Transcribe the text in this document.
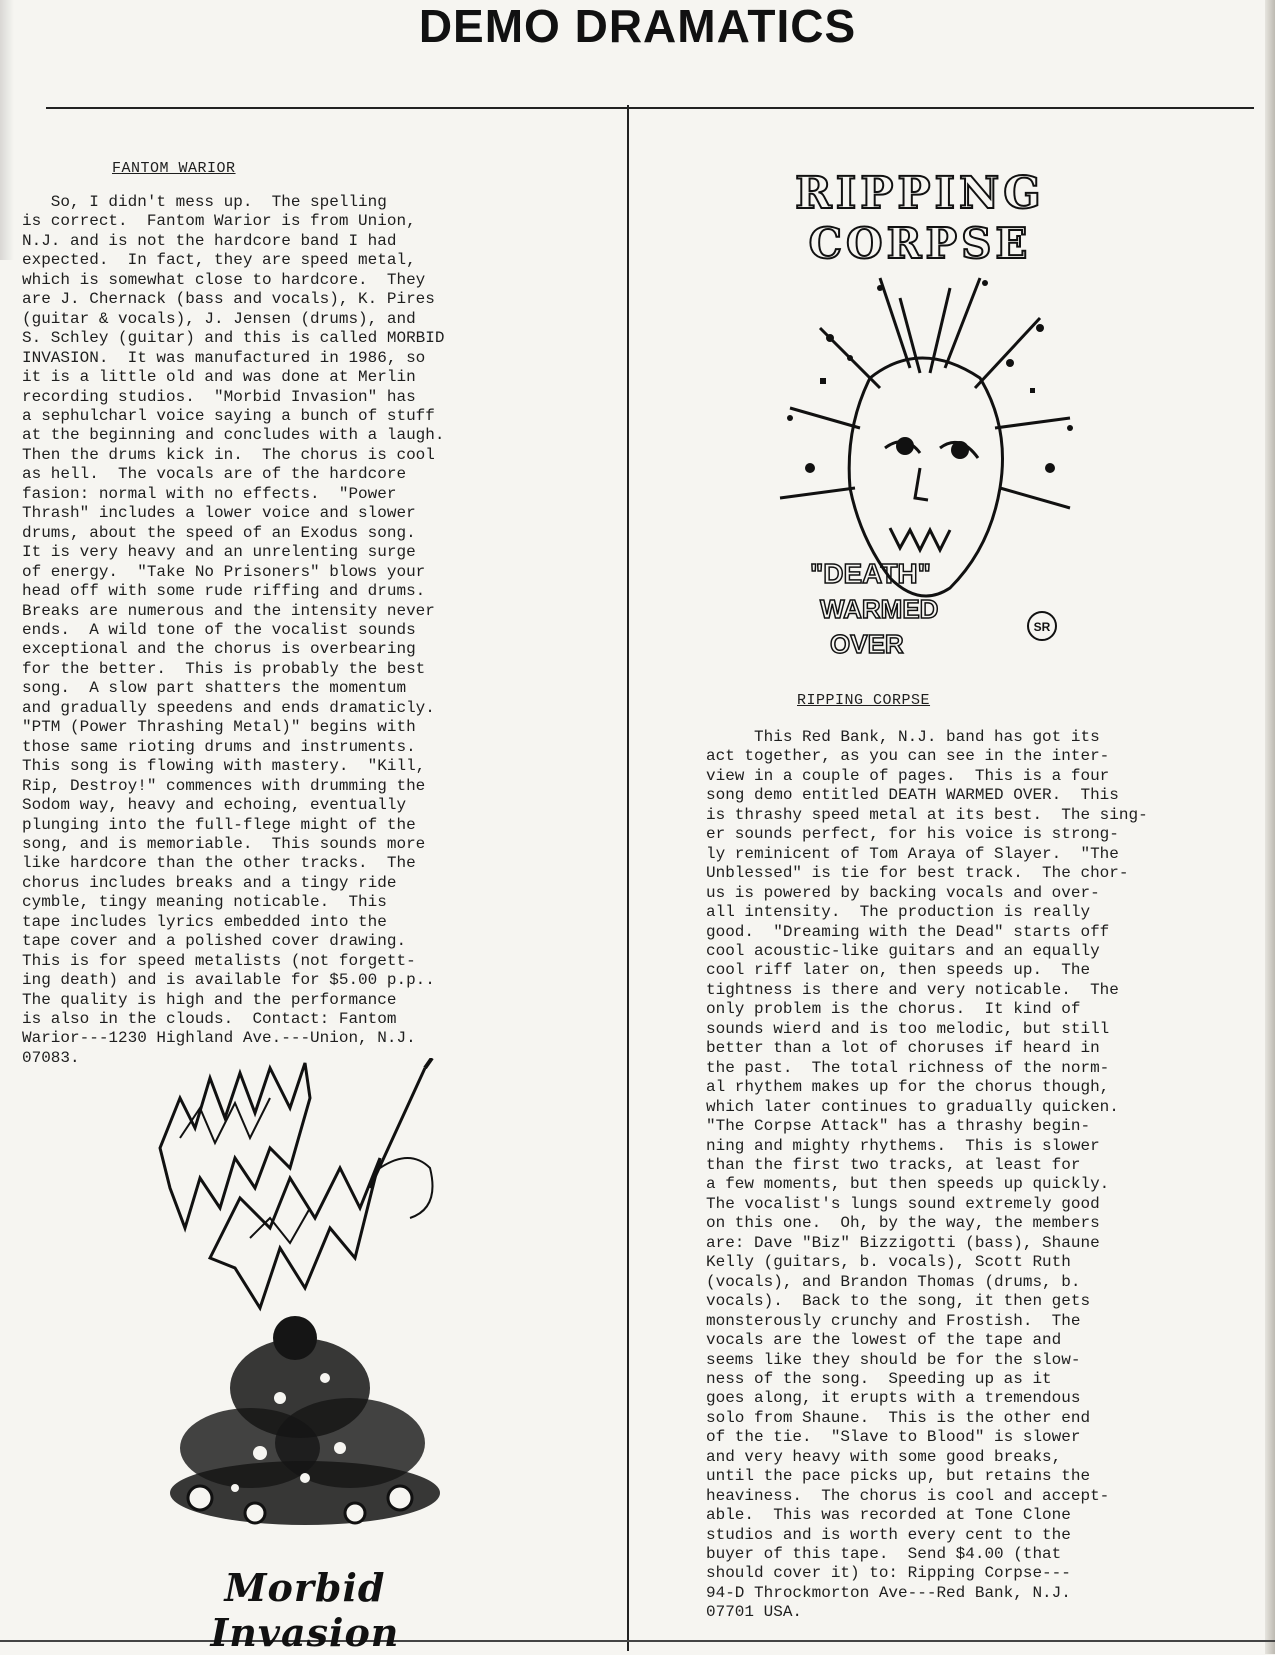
DEMO DRAMATICS
FANTOM WARIOR
So, I didn't mess up.  The spelling
is correct.  Fantom Warior is from Union,
N.J. and is not the hardcore band I had
expected.  In fact, they are speed metal,
which is somewhat close to hardcore.  They
are J. Chernack (bass and vocals), K. Pires
(guitar & vocals), J. Jensen (drums), and
S. Schley (guitar) and this is called MORBID
INVASION.  It was manufactured in 1986, so
it is a little old and was done at Merlin
recording studios.  "Morbid Invasion" has
a sephulcharl voice saying a bunch of stuff
at the beginning and concludes with a laugh.
Then the drums kick in.  The chorus is cool
as hell.  The vocals are of the hardcore
fasion: normal with no effects.  "Power
Thrash" includes a lower voice and slower
drums, about the speed of an Exodus song.
It is very heavy and an unrelenting surge
of energy.  "Take No Prisoners" blows your
head off with some rude riffing and drums.
Breaks are numerous and the intensity never
ends.  A wild tone of the vocalist sounds
exceptional and the chorus is overbearing
for the better.  This is probably the best
song.  A slow part shatters the momentum
and gradually speedens and ends dramaticly.
"PTM (Power Thrashing Metal)" begins with
those same rioting drums and instruments.
This song is flowing with mastery.  "Kill,
Rip, Destroy!" commences with drumming the
Sodom way, heavy and echoing, eventually
plunging into the full-flege might of the
song, and is memoriable.  This sounds more
like hardcore than the other tracks.  The
chorus includes breaks and a tingy ride
cymble, tingy meaning noticable.  This
tape includes lyrics embedded into the
tape cover and a polished cover drawing.
This is for speed metalists (not forgett-
ing death) and is available for $5.00 p.p..
The quality is high and the performance
is also in the clouds.  Contact: Fantom
Warior---1230 Highland Ave.---Union, N.J.
07083.
Morbid Invasion
SR
RIPPING
CORPSE
"DEATH"
WARMED
OVER
RIPPING CORPSE
This Red Bank, N.J. band has got its
act together, as you can see in the inter-
view in a couple of pages.  This is a four
song demo entitled DEATH WARMED OVER.  This
is thrashy speed metal at its best.  The sing-
er sounds perfect, for his voice is strong-
ly reminicent of Tom Araya of Slayer.  "The
Unblessed" is tie for best track.  The chor-
us is powered by backing vocals and over-
all intensity.  The production is really
good.  "Dreaming with the Dead" starts off
cool acoustic-like guitars and an equally
cool riff later on, then speeds up.  The
tightness is there and very noticable.  The
only problem is the chorus.  It kind of
sounds wierd and is too melodic, but still
better than a lot of choruses if heard in
the past.  The total richness of the norm-
al rhythem makes up for the chorus though,
which later continues to gradually quicken.
"The Corpse Attack" has a thrashy begin-
ning and mighty rhythems.  This is slower
than the first two tracks, at least for
a few moments, but then speeds up quickly.
The vocalist's lungs sound extremely good
on this one.  Oh, by the way, the members
are: Dave "Biz" Bizzigotti (bass), Shaune
Kelly (guitars, b. vocals), Scott Ruth
(vocals), and Brandon Thomas (drums, b.
vocals).  Back to the song, it then gets
monsterously crunchy and Frostish.  The
vocals are the lowest of the tape and
seems like they should be for the slow-
ness of the song.  Speeding up as it
goes along, it erupts with a tremendous
solo from Shaune.  This is the other end
of the tie.  "Slave to Blood" is slower
and very heavy with some good breaks,
until the pace picks up, but retains the
heaviness.  The chorus is cool and accept-
able.  This was recorded at Tone Clone
studios and is worth every cent to the
buyer of this tape.  Send $4.00 (that
should cover it) to: Ripping Corpse---
94-D Throckmorton Ave---Red Bank, N.J.
07701 USA.
